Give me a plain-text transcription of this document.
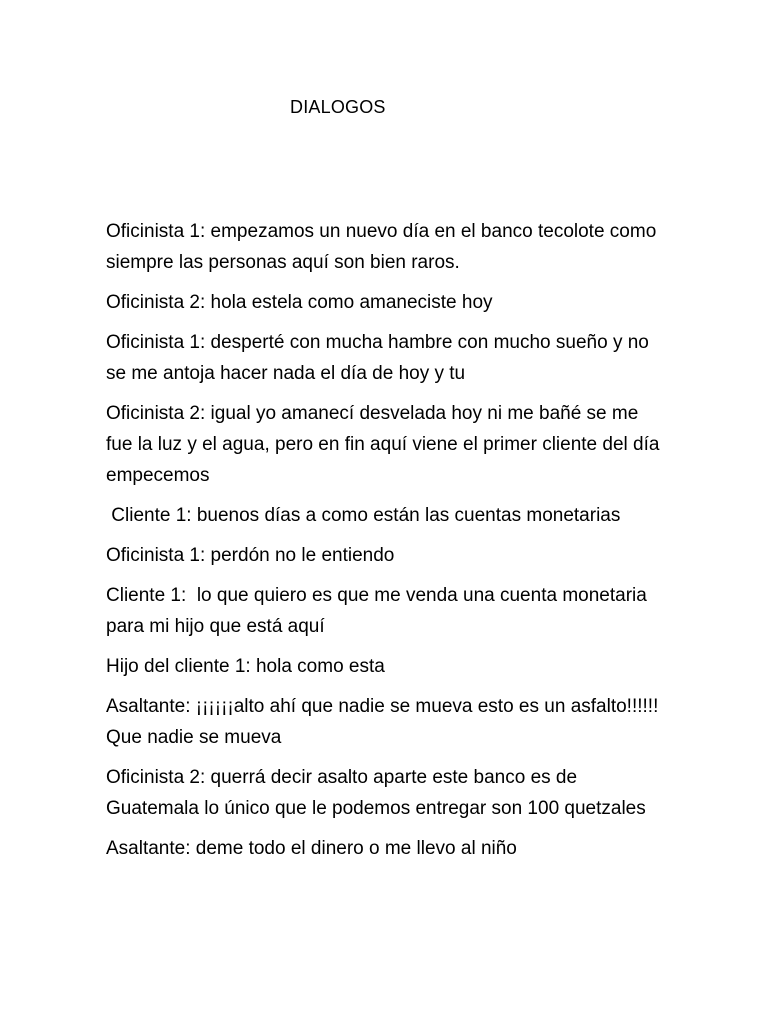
DIALOGOS

Oficinista 1: empezamos un nuevo día en el banco tecolote como siempre las personas aquí son bien raros.

Oficinista 2: hola estela como amaneciste hoy

Oficinista 1: desperté con mucha hambre con mucho sueño y no se me antoja hacer nada el día de hoy y tu

Oficinista 2: igual yo amanecí desvelada hoy ni me bañé se me fue la luz y el agua, pero en fin aquí viene el primer cliente del día empecemos

Cliente 1: buenos días a como están las cuentas monetarias

Oficinista 1: perdón no le entiendo

Cliente 1:  lo que quiero es que me venda una cuenta monetaria para mi hijo que está aquí

Hijo del cliente 1: hola como esta

Asaltante: ¡¡¡¡¡¡alto ahí que nadie se mueva esto es un asfalto!!!!!! Que nadie se mueva

Oficinista 2: querrá decir asalto aparte este banco es de Guatemala lo único que le podemos entregar son 100 quetzales

Asaltante: deme todo el dinero o me llevo al niño
